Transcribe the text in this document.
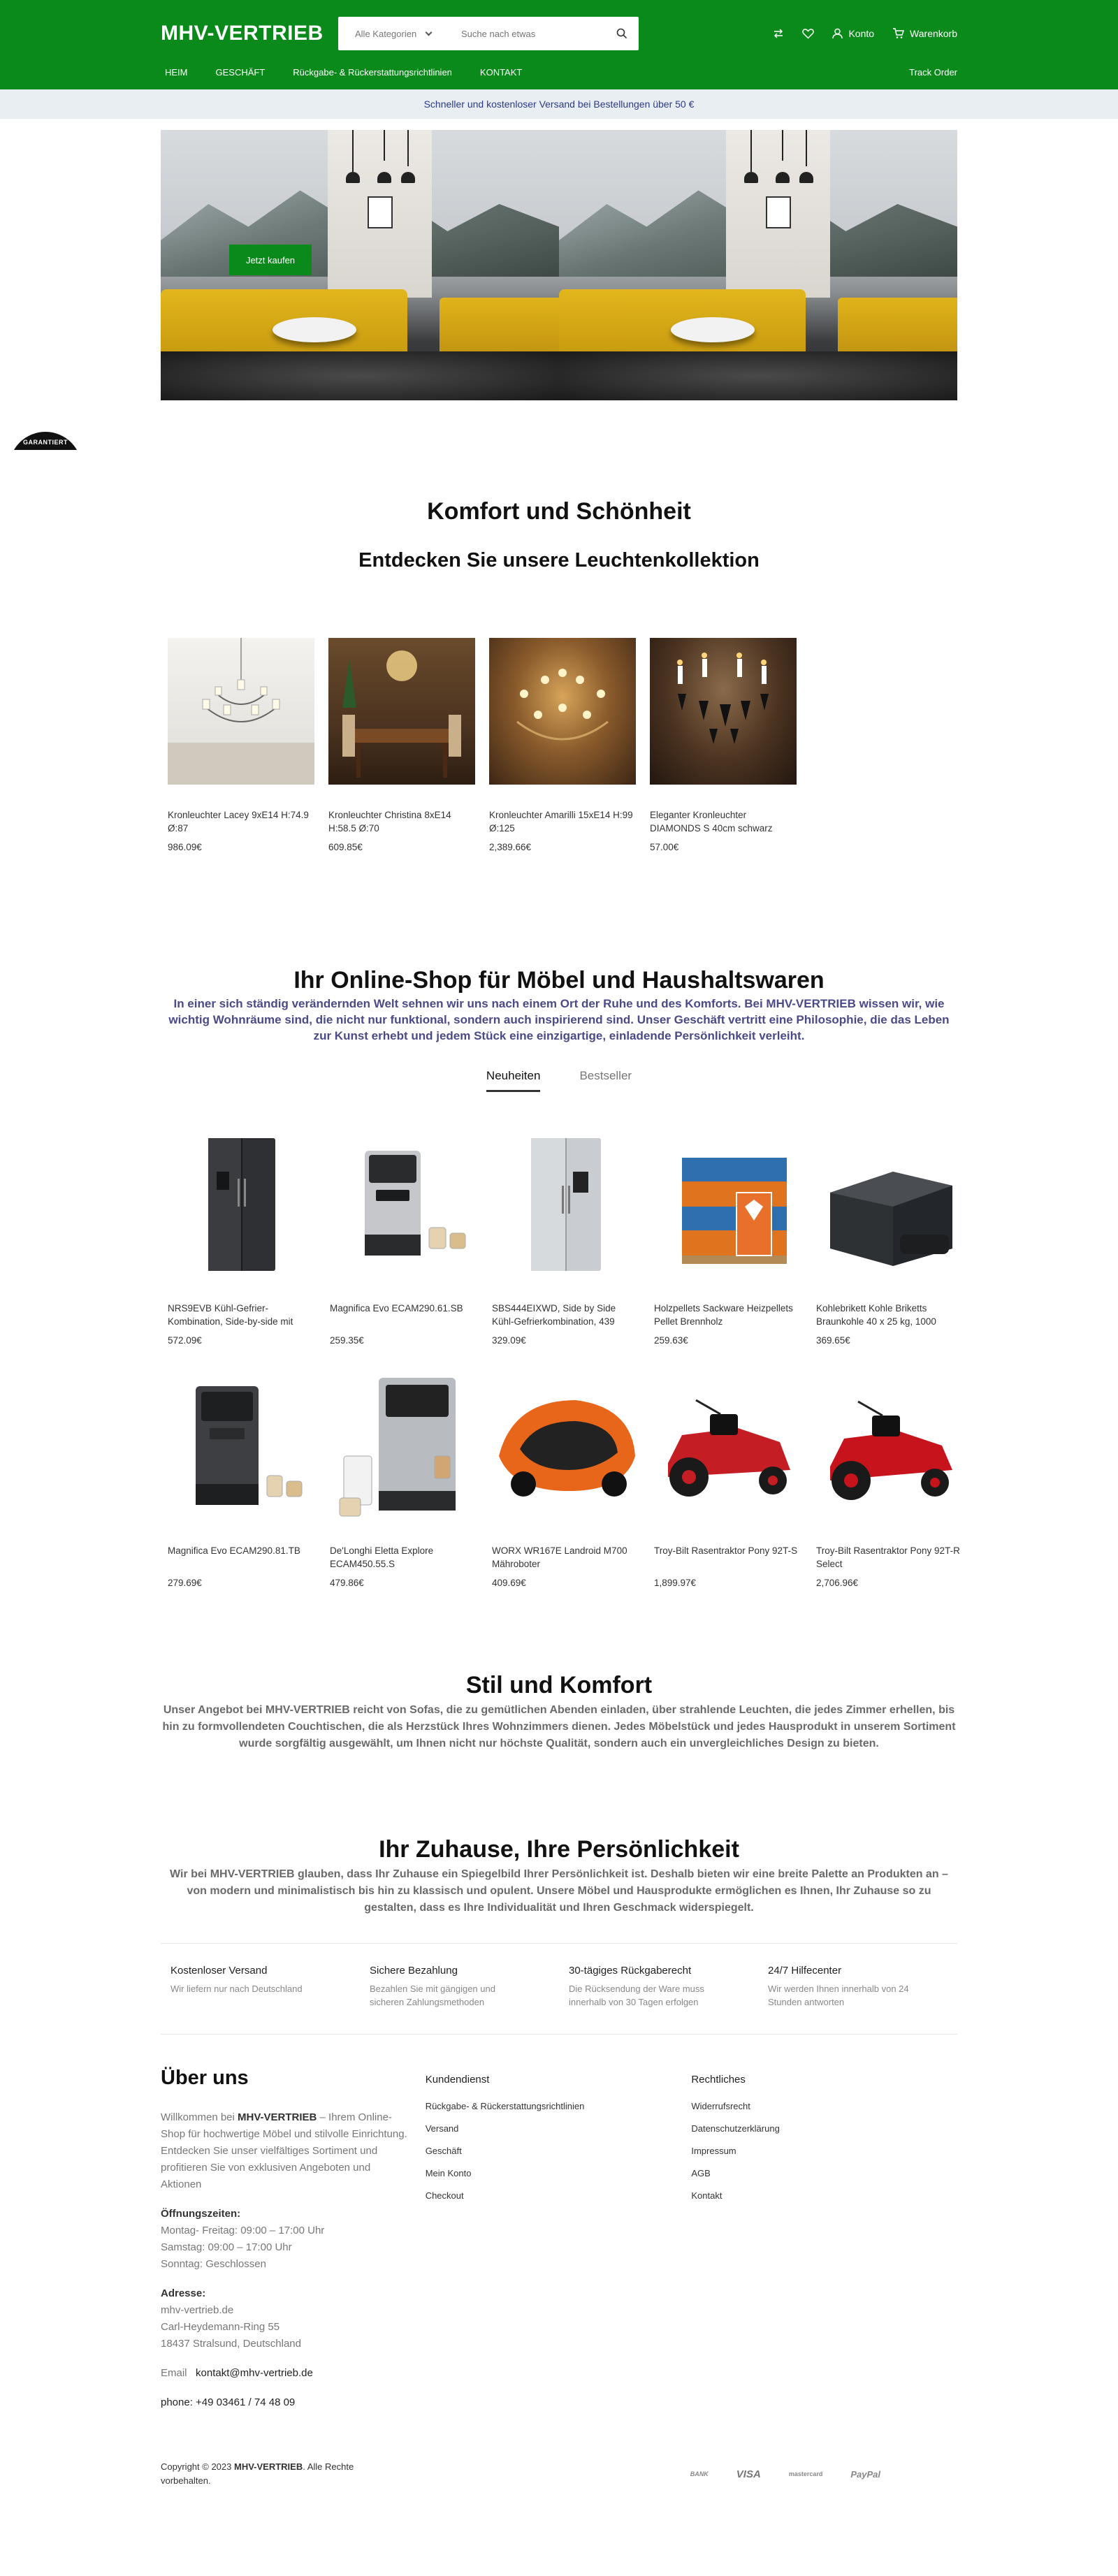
MHV-VERTRIEB	Alle Kategorien
Suche nach etwas	Konto	Warenkorb
HEIM	GESCHÄFT	Rückgabe- & Rückerstattungsrichtlinien	KONTAKT	Track Order
Schneller und kostenloser Versand bei Bestellungen über 50 €
Jetzt kaufen
GARANTIERT
Komfort und Schönheit
Entdecken Sie unsere Leuchtenkollektion
Kronleuchter Lacey 9xE14 H:74.9 Ø:87
986.09€
Kronleuchter Christina 8xE14 H:58.5 Ø:70
609.85€
Kronleuchter Amarilli 15xE14 H:99 Ø:125
2,389.66€
Eleganter Kronleuchter DIAMONDS S 40cm schwarz
57.00€
Ihr Online-Shop für Möbel und Haushaltswaren

In einer sich ständig verändernden Welt sehnen wir uns nach einem Ort der Ruhe und des Komforts. Bei MHV-VERTRIEB wissen wir, wie wichtig Wohnräume sind, die nicht nur funktional, sondern auch inspirierend sind. Unser Geschäft vertritt eine Philosophie, die das Leben zur Kunst erhebt und jedem Stück eine einzigartige, einladende Persönlichkeit verleiht.

Neuheiten	Bestseller
NRS9EVB Kühl-Gefrier-Kombination, Side-by-side mit
572.09€
Magnifica Evo ECAM290.61.SB
259.35€
SBS444EIXWD, Side by Side Kühl-Gefrierkombination, 439
329.09€
Holzpellets Sackware Heizpellets Pellet Brennholz
259.63€
Kohlebrikett Kohle Briketts Braunkohle 40 x 25 kg, 1000
369.65€
Magnifica Evo ECAM290.81.TB
279.69€
De'Longhi Eletta Explore ECAM450.55.S
479.86€
WORX WR167E Landroid M700 Mähroboter
409.69€
Troy-Bilt Rasentraktor Pony 92T-S
1,899.97€
Troy-Bilt Rasentraktor Pony 92T-R Select
2,706.96€
Stil und Komfort

Unser Angebot bei MHV-VERTRIEB reicht von Sofas, die zu gemütlichen Abenden einladen, über strahlende Leuchten, die jedes Zimmer erhellen, bis hin zu formvollendeten Couchtischen, die als Herzstück Ihres Wohnzimmers dienen. Jedes Möbelstück und jedes Hausprodukt in unserem Sortiment wurde sorgfältig ausgewählt, um Ihnen nicht nur höchste Qualität, sondern auch ein unvergleichliches Design zu bieten.

Ihr Zuhause, Ihre Persönlichkeit

Wir bei MHV-VERTRIEB glauben, dass Ihr Zuhause ein Spiegelbild Ihrer Persönlichkeit ist. Deshalb bieten wir eine breite Palette an Produkten an – von modern und minimalistisch bis hin zu klassisch und opulent. Unsere Möbel und Hausprodukte ermöglichen es Ihnen, Ihr Zuhause so zu gestalten, dass es Ihre Individualität und Ihren Geschmack widerspiegelt.

Kostenloser Versand
Wir liefern nur nach Deutschland
Sichere Bezahlung
Bezahlen Sie mit gängigen und sicheren Zahlungsmethoden
30-tägiges Rückgaberecht
Die Rücksendung der Ware muss innerhalb von 30 Tagen erfolgen
24/7 Hilfecenter
Wir werden Ihnen innerhalb von 24 Stunden antworten
Über uns

Willkommen bei MHV-VERTRIEB – Ihrem Online-Shop für hochwertige Möbel und stilvolle Einrichtung. Entdecken Sie unser vielfältiges Sortiment und profitieren Sie von exklusiven Angeboten und Aktionen

Öffnungszeiten:

Montag- Freitag: 09:00 – 17:00 Uhr

Samstag: 09:00 – 17:00 Uhr

Sonntag: Geschlossen

Adresse:

mhv-vertrieb.de

Carl-Heydemann-Ring 55

18437 Stralsund, Deutschland

Email kontakt@mhv-vertrieb.de

phone: +49 03461 / 74 48 09

Kundendienst
Rückgabe- & Rückerstattungsrichtlinien
Versand
Geschäft
Mein Konto
Checkout
Rechtliches
Widerrufsrecht
Datenschutzerklärung
Impressum
AGB
Kontakt

Copyright © 2023 MHV-VERTRIEB. Alle Rechte vorbehalten.

BANK	VISA	mastercard	PayPal
